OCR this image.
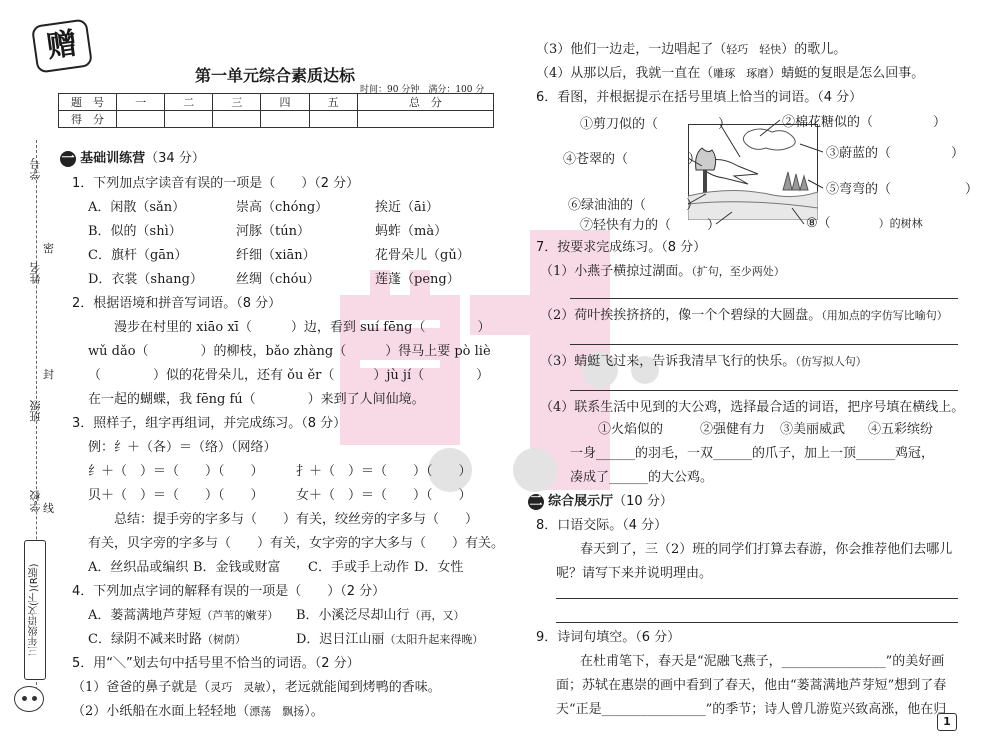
学号
姓名
密
封
班级
学校 线
三年级语文(下)(R版)
赠
第一单元综合素质达标
时间：90 分钟　满分：100 分
题　号	一	二	三	四	五	总　分
得　分						
一 基础训练营（34 分）
1．下列加点字读音有误的一项是（　　）（2 分）
A．闲散（sǎn）	崇高（chóng）	挨近（āi）
B．似的（shì）	河豚（tún）	蚂蚱（mà）
C．旗杆（gān）	纤细（xiān）	花骨朵儿（gǔ）
D．衣裳（shang）	丝绸（chóu）	莲蓬（peng）
2．根据语境和拼音写词语。（8 分）
漫步在村里的 xiāo xī（　　　）边，看到 suí fēng（　　　　）
wǔ dǎo（　　　　）的柳枝，bǎo zhàng（　　　）得马上要 pò liè
（　　　　）似的花骨朵儿，还有 ǒu ěr（　　　）jù jí（　　　　）
在一起的蝴蝶，我 fēng fú（　　　　）来到了人间仙境。
3．照样子，组字再组词，并完成练习。（8 分）
例：纟＋（各）＝（络）（网络）
纟＋（　）＝（　　）（　　） 扌＋（　）＝（　　）（　　）
贝＋（　）＝（　　）（　　） 女＋（　）＝（　　）（　　）
总结：提手旁的字多与（　　）有关，绞丝旁的字多与（　　）
有关，贝字旁的字多与（　　）有关，女字旁的字大多与（　　）有关。
A．丝织品或编织 B．金钱或财富 C．手或手上动作 D．女性
4．下列加点字词的解释有误的一项是（　　）（2 分）
A．蒌蒿满地芦芽短（芦苇的嫩芽） B．小溪泛尽却山行（再，又）
C．绿阴不减来时路（树荫）	D．迟日江山丽（太阳升起来得晚）
5．用“＼”划去句中括号里不恰当的词语。（2 分）
（1）爸爸的鼻子就是（灵巧　灵敏），老远就能闻到烤鸭的香味。
（2）小纸船在水面上轻轻地（漂荡　飘扬）。
（3）他们一边走，一边唱起了（轻巧　轻快）的歌儿。
（4）从那以后，我就一直在（雕琢　琢磨）蜻蜓的复眼是怎么回事。
6．看图，并根据提示在括号里填上恰当的词语。（4 分）
①剪刀似的（	）	②棉花糖似的（	）
③蔚蓝的（	）
④苍翠的（	）
⑤弯弯的（	）
⑥绿油油的（	）
⑦轻快有力的（	）	⑧（	）的树林
7．按要求完成练习。（8 分）
（1）小燕子横掠过湖面。（扩句，至少两处）
（2）荷叶挨挨挤挤的，像一个个碧绿的大圆盘。（用加点的字仿写比喻句）
（3）蜻蜓飞过来，告诉我清早飞行的快乐。（仿写拟人句）
（4）联系生活中见到的大公鸡，选择最合适的词语，把序号填在横线上。
①火焰似的	②强健有力 ③美丽威武 ④五彩缤纷
一身______的羽毛，一双______的爪子，加上一顶______鸡冠，
凑成了______的大公鸡。
二 综合展示厅（10 分）
8．口语交际。（4 分）
春天到了，三（2）班的同学们打算去春游，你会推荐他们去哪儿
呢？请写下来并说明理由。
9．诗词句填空。（6 分）
在杜甫笔下，春天是“泥融飞燕子，________________”的美好画
面；苏轼在惠崇的画中看到了春天，他由“蒌蒿满地芦芽短”想到了春
天“正是________________”的季节；诗人曾几游览兴致高涨，他在归
1
